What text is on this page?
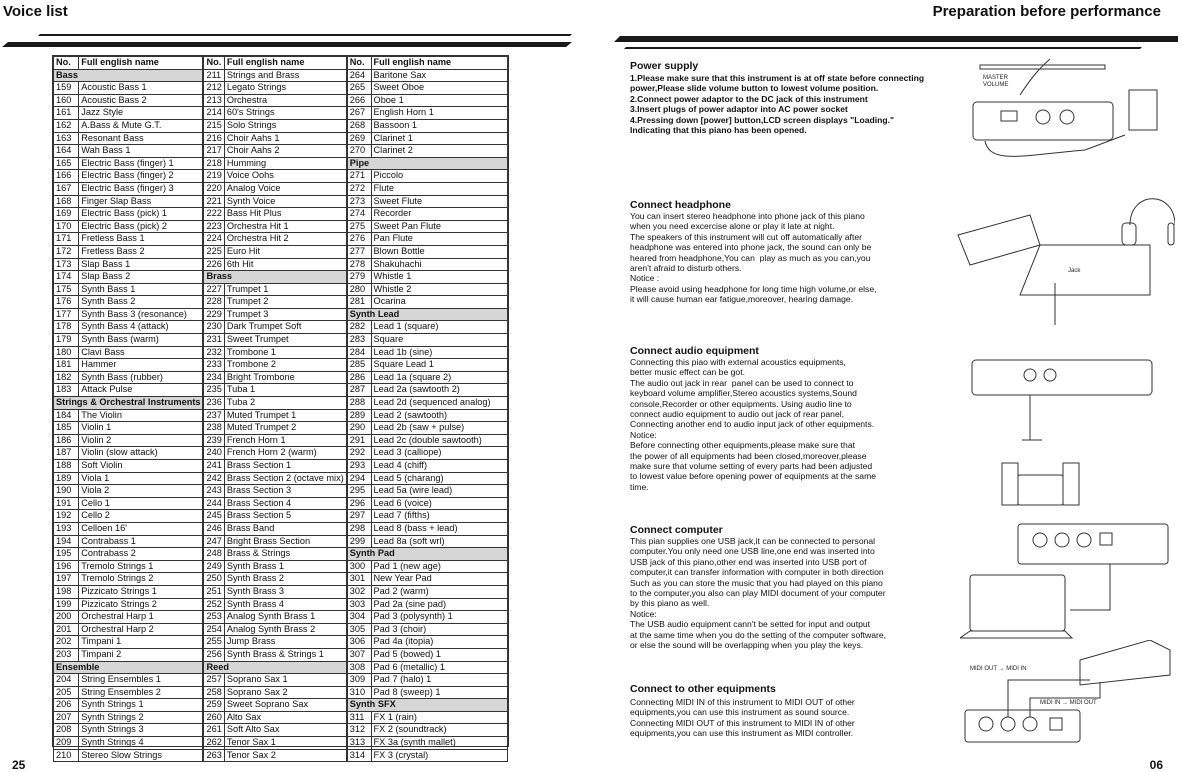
Voice list
No.	Full english name
Bass	
159	Acoustic Bass 1
160	Acoustic Bass 2
161	Jazz Style
162	A.Bass & Mute G.T.
163	Resonant Bass
164	Wah Bass 1
165	Electric Bass (finger) 1
166	Electric Bass (finger) 2
167	Electric Bass (finger) 3
168	Finger Slap Bass
169	Electric Bass (pick) 1
170	Electric Bass (pick) 2
171	Fretless Bass 1
172	Fretless Bass 2
173	Slap Bass 1
174	Slap Bass 2
175	Synth Bass 1
176	Synth Bass 2
177	Synth Bass 3 (resonance)
178	Synth Bass 4 (attack)
179	Synth Bass (warm)
180	Clavi Bass
181	Hammer
182	Synth Bass (rubber)
183	Attack Pulse
Strings & Orchestral Instruments	
184	The Violin
185	Violin 1
186	Violin 2
187	Violin (slow attack)
188	Soft Violin
189	Viola 1
190	Viola 2
191	Cello 1
192	Cello 2
193	Celloen 16'
194	Contrabass 1
195	Contrabass 2
196	Tremolo Strings 1
197	Tremolo Strings 2
198	Pizzicato Strings 1
199	Pizzicato Strings 2
200	Orchestral Harp 1
201	Orchestral Harp 2
202	Timpani 1
203	Timpani 2
Ensemble	
204	String Ensembles 1
205	String Ensembles 2
206	Synth Strings 1
207	Synth Strings 2
208	Synth Strings 3
209	Synth Strings 4
210	Stereo Slow Strings
No.	Full english name
211	Strings and Brass
212	Legato Strings
213	Orchestra
214	60's Strings
215	Solo Strings
216	Choir Aahs 1
217	Choir Aahs 2
218	Humming
219	Voice Oohs
220	Analog Voice
221	Synth Voice
222	Bass Hit Plus
223	Orchestra Hit 1
224	Orchestra Hit 2
225	Euro Hit
226	6th Hit
Brass	
227	Trumpet 1
228	Trumpet 2
229	Trumpet 3
230	Dark Trumpet Soft
231	Sweet Trumpet
232	Trombone 1
233	Trombone 2
234	Bright Trombone
235	Tuba 1
236	Tuba 2
237	Muted Trumpet 1
238	Muted Trumpet 2
239	French Horn 1
240	French Horn 2 (warm)
241	Brass Section 1
242	Brass Section 2 (octave mix)
243	Brass Section 3
244	Brass Section 4
245	Brass Section 5
246	Brass Band
247	Bright Brass Section
248	Brass & Strings
249	Synth Brass 1
250	Synth Brass 2
251	Synth Brass 3
252	Synth Brass 4
253	Analog Synth Brass 1
254	Analog Synth Brass 2
255	Jump Brass
256	Synth Brass & Strings 1
Reed	
257	Soprano Sax 1
258	Soprano Sax 2
259	Sweet Soprano Sax
260	Alto Sax
261	Soft Alto Sax
262	Tenor Sax 1
263	Tenor Sax 2
No.	Full english name
264	Baritone Sax
265	Sweet Oboe
266	Oboe 1
267	English Horn 1
268	Bassoon 1
269	Clarinet 1
270	Clarinet 2
Pipe	
271	Piccolo
272	Flute
273	Sweet Flute
274	Recorder
275	Sweet Pan Flute
276	Pan Flute
277	Blown Bottle
278	Shakuhachi
279	Whistle 1
280	Whistle 2
281	Ocarina
Synth Lead	
282	Lead 1 (square)
283	Square
284	Lead 1b (sine)
285	Square Lead 1
286	Lead 1a (square 2)
287	Lead 2a (sawtooth 2)
288	Lead 2d (sequenced analog)
289	Lead 2 (sawtooth)
290	Lead 2b (saw + pulse)
291	Lead 2c (double sawtooth)
292	Lead 3 (calliope)
293	Lead 4 (chiff)
294	Lead 5 (charang)
295	Lead 5a (wire lead)
296	Lead 6 (voice)
297	Lead 7 (fifths)
298	Lead 8 (bass + lead)
299	Lead 8a (soft wrl)
Synth Pad	
300	Pad 1 (new age)
301	New Year Pad
302	Pad 2 (warm)
303	Pad 2a (sine pad)
304	Pad 3 (polysynth) 1
305	Pad 3 (choir)
306	Pad 4a (itopia)
307	Pad 5 (bowed) 1
308	Pad 6 (metallic) 1
309	Pad 7 (halo) 1
310	Pad 8 (sweep) 1
Synth SFX	
311	FX 1 (rain)
312	FX 2 (soundtrack)
313	FX 3a (synth mallet)
314	FX 3 (crystal)
25
Preparation before performance
Power supply
1.Please make sure that this instrument is at off state before connecting
power,Please slide volume button to lowest volume position.
2.Connect power adaptor to the DC jack of this instrument
3.Insert plugs of power adaptor into AC power socket
4.Pressing down [power] button,LCD screen displays "Loading."
Indicating that this piano has been opened.
Connect headphone
You can insert stereo headphone into phone jack of this piano
when you need excercise alone or play it late at night.
The speakers of this instrument will cut off automatically after
headphone was entered into phone jack, the sound can only be
heared from headphone,You can  play as much as you can,you
aren't afraid to disturb others.
Notice :
Please avoid using headphone for long time high volume,or else,
it will cause human ear fatigue,moreover, hearing damage.
Connect audio equipment
Connecting this piao with external acoustics equipments,
better music effect can be got.
The audio out jack in rear  panel can be used to connect to
keyboard volume amplifier,Stereo acoustics systems,Sound
console,Recorder or other equipments. Using audio line to
connect audio equipment to audio out jack of rear panel,
Connecting another end to audio input jack of other equipments.
Notice:
Before connecting other equipments,please make sure that
the power of all equipments had been closed,moreover,please
make sure that volume setting of every parts had been adjusted
to lowest value before opening power of equipments at the same
time.
Connect computer
This pian supplies one USB jack,it can be connected to personal
computer.You only need one USB line,one end was inserted into
USB jack of this piano,other end was inserted into USB port of
computer,it can transfer information with computer in both direction
Such as you can store the music that you had played on this piano
to the computer,you also can play MIDI document of your computer
by this piano as well.
Notice:
The USB audio equipment cann't be setted for input and output
at the same time when you do the setting of the computer software,
or else the sound will be overlapping when you play the keys.
Connect to other equipments
Connecting MIDI IN of this instrument to MIDI OUT of other
equipments,you can use this instrument as sound source.
Connecting MIDI OUT of this instrument to MIDI IN of other
equipments,you can use this instrument as MIDI controller.
06
MASTER
VOLUME
Jack
MIDI OUT → MIDI IN
MIDI IN → MIDI OUT
